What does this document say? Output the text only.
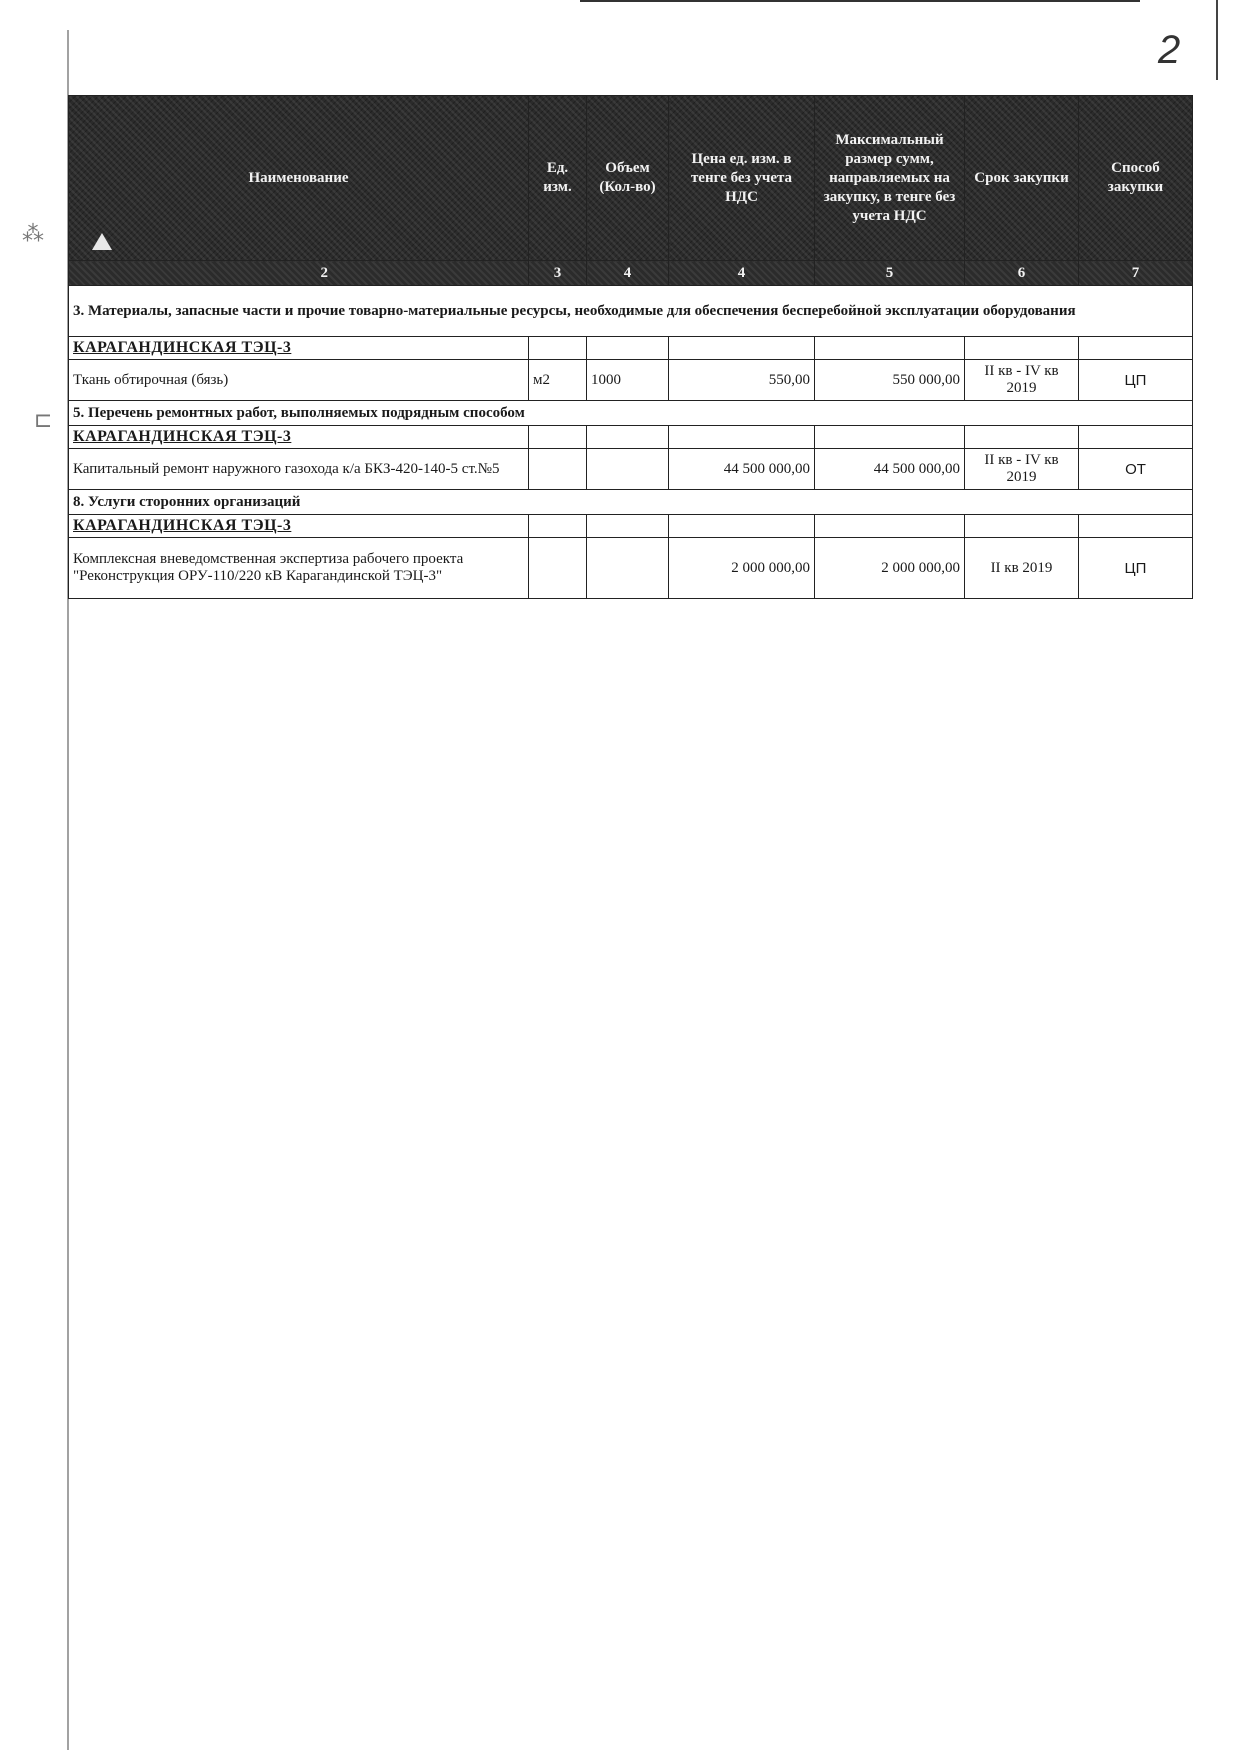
⁂
⊏
2
Наименование	Ед. изм.	Объем (Кол-во)	Цена ед. изм. в тенге без учета НДС	Максимальный размер сумм, направляемых на закупку, в тенге без учета НДС	Срок закупки	Способ закупки
2	3	4	4	5	6	7
3. Материалы, запасные части и прочие товарно-материальные ресурсы, необходимые для обеспечения бесперебойной эксплуатации оборудования						
КАРАГАНДИНСКАЯ ТЭЦ-3						
Ткань обтирочная (бязь)	м2	1000	550,00	550 000,00	II кв - IV кв 2019	ЦП
5. Перечень ремонтных работ, выполняемых подрядным способом						
КАРАГАНДИНСКАЯ ТЭЦ-3						
Капитальный ремонт наружного газохода к/а БКЗ-420-140-5 ст.№5			44 500 000,00	44 500 000,00	II кв - IV кв 2019	ОТ
8. Услуги сторонних организаций						
КАРАГАНДИНСКАЯ ТЭЦ-3						
Комплексная вневедомственная экспертиза рабочего проекта "Реконструкция ОРУ-110/220 кВ Карагандинской ТЭЦ-3"			2 000 000,00	2 000 000,00	II кв 2019	ЦП
